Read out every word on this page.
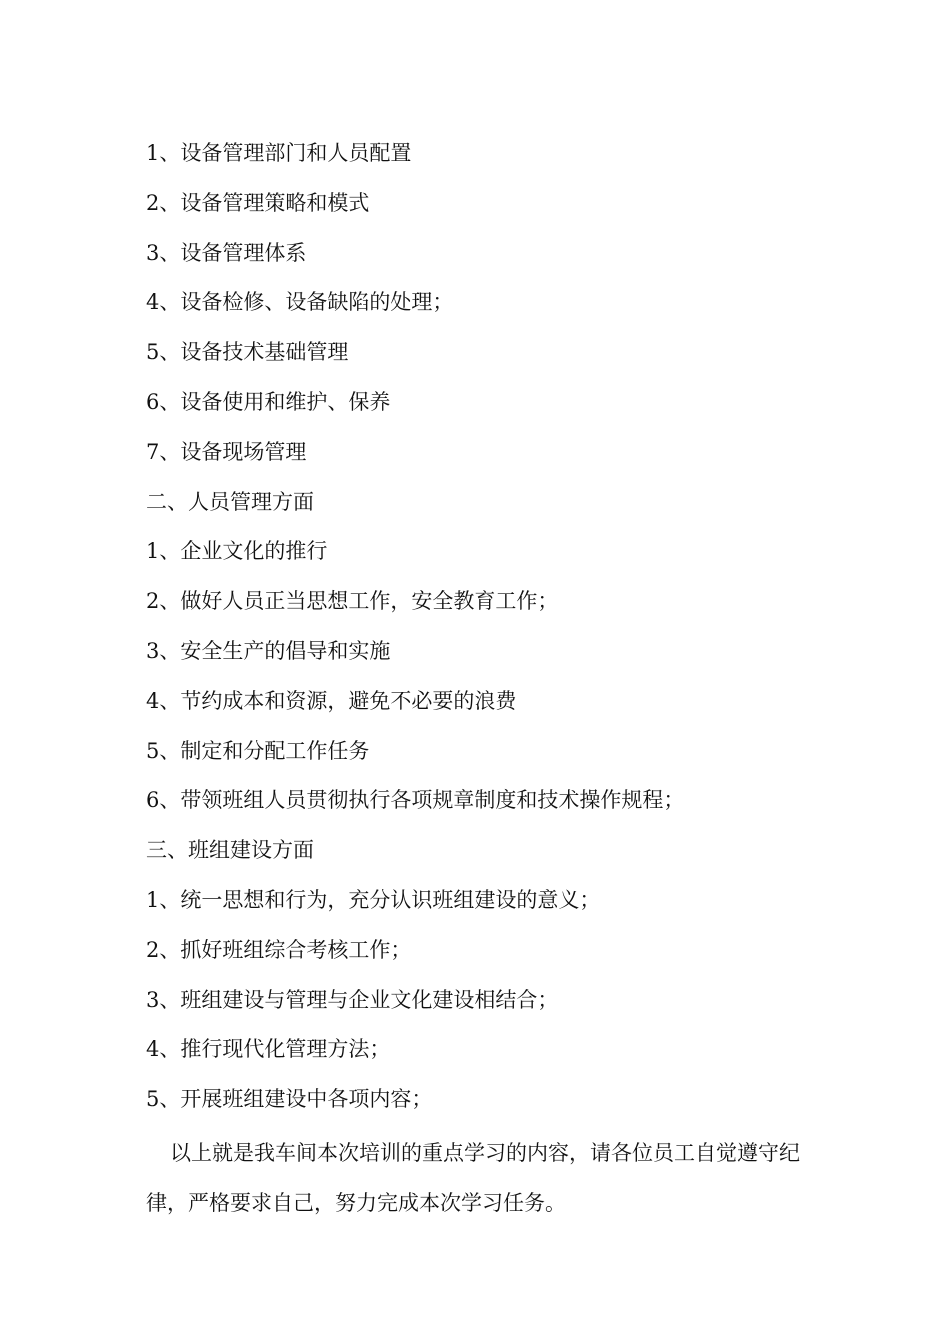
1、设备管理部门和人员配置
2、设备管理策略和模式
3、设备管理体系
4、设备检修、设备缺陷的处理；
5、设备技术基础管理
6、设备使用和维护、保养
7、设备现场管理
二、人员管理方面
1、企业文化的推行
2、做好人员正当思想工作，安全教育工作；
3、安全生产的倡导和实施
4、节约成本和资源，避免不必要的浪费
5、制定和分配工作任务
6、带领班组人员贯彻执行各项规章制度和技术操作规程；
三、班组建设方面
1、统一思想和行为，充分认识班组建设的意义；
2、抓好班组综合考核工作；
3、班组建设与管理与企业文化建设相结合；
4、推行现代化管理方法；
5、开展班组建设中各项内容；
以上就是我车间本次培训的重点学习的内容，请各位员工自觉遵守纪律，严格要求自己，努力完成本次学习任务。
